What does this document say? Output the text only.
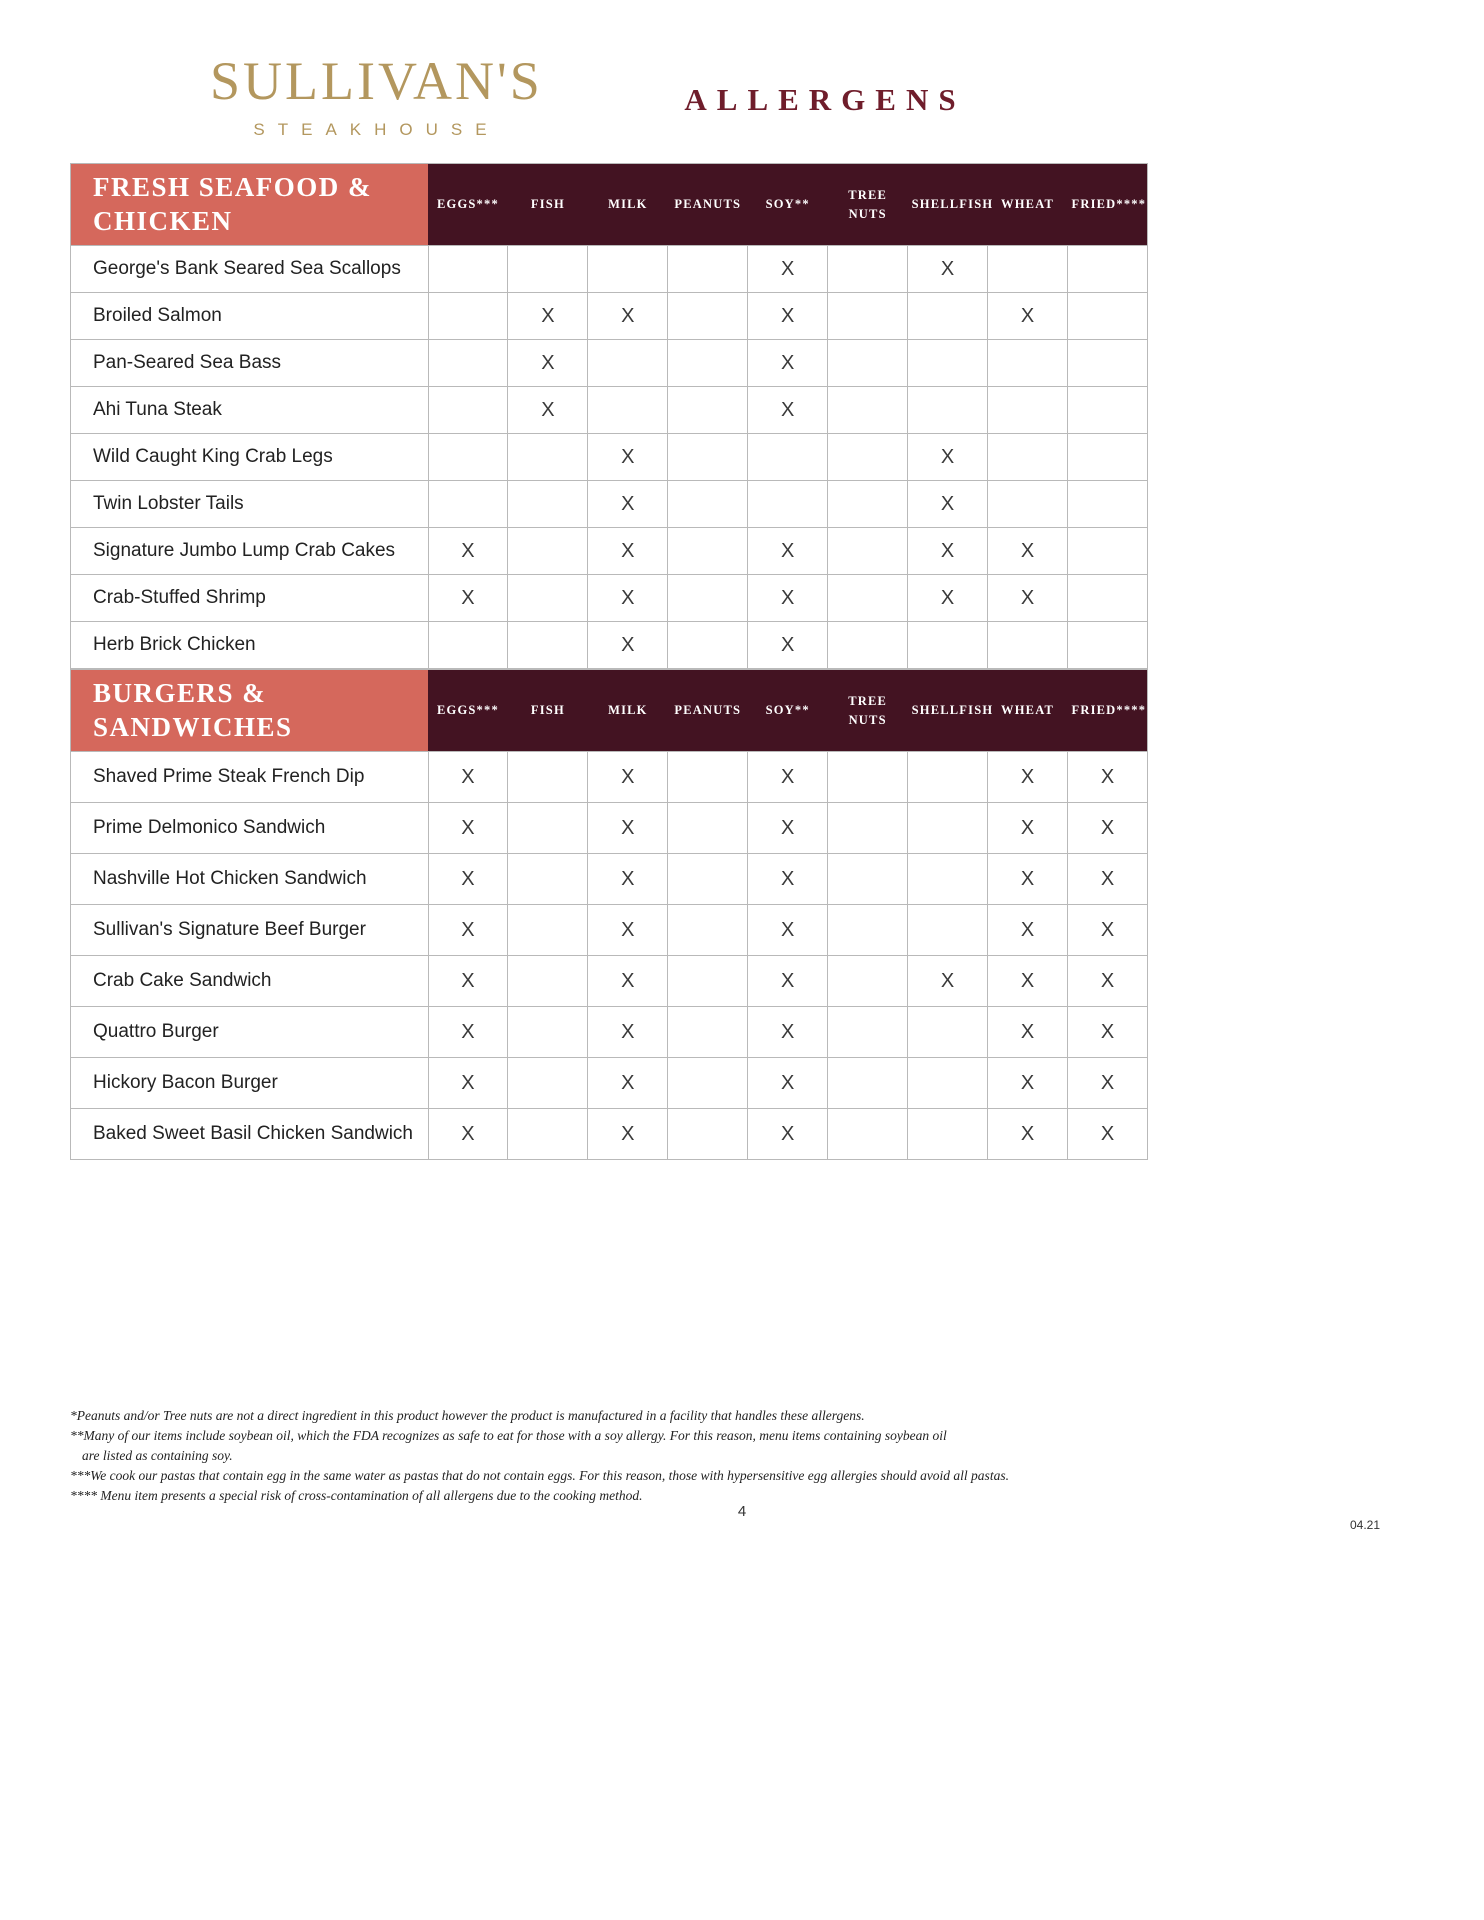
SULLIVAN'S
STEAKHOUSE
ALLERGENS
FRESH SEAFOOD & CHICKEN	EGGS***	FISH	MILK	PEANUTS	SOY**	TREE NUTS	SHELLFISH	WHEAT	FRIED****
George's Bank Seared Sea Scallops					X		X		
Broiled Salmon		X	X		X			X	
Pan-Seared Sea Bass		X			X				
Ahi Tuna Steak		X			X				
Wild Caught King Crab Legs			X				X		
Twin Lobster Tails			X				X		
Signature Jumbo Lump Crab Cakes	X		X		X		X	X	
Crab-Stuffed Shrimp	X		X		X		X	X	
Herb Brick Chicken			X		X				
BURGERS & SANDWICHES	EGGS***	FISH	MILK	PEANUTS	SOY**	TREE NUTS	SHELLFISH	WHEAT	FRIED****
Shaved Prime Steak French Dip	X		X		X			X	X
Prime Delmonico Sandwich	X		X		X			X	X
Nashville Hot Chicken Sandwich	X		X		X			X	X
Sullivan's Signature Beef Burger	X		X		X			X	X
Crab Cake Sandwich	X		X		X		X	X	X
Quattro Burger	X		X		X			X	X
Hickory Bacon Burger	X		X		X			X	X
Baked Sweet Basil Chicken Sandwich	X		X		X			X	X
*Peanuts and/or Tree nuts are not a direct ingredient in this product however the product is manufactured in a facility that handles these allergens.
**Many of our items include soybean oil, which the FDA recognizes as safe to eat for those with a soy allergy. For this reason, menu items containing soybean oil
are listed as containing soy.
***We cook our pastas that contain egg in the same water as pastas that do not contain eggs. For this reason, those with hypersensitive egg allergies should avoid all pastas.
**** Menu item presents a special risk of cross-contamination of all allergens due to the cooking method.
4
04.21
